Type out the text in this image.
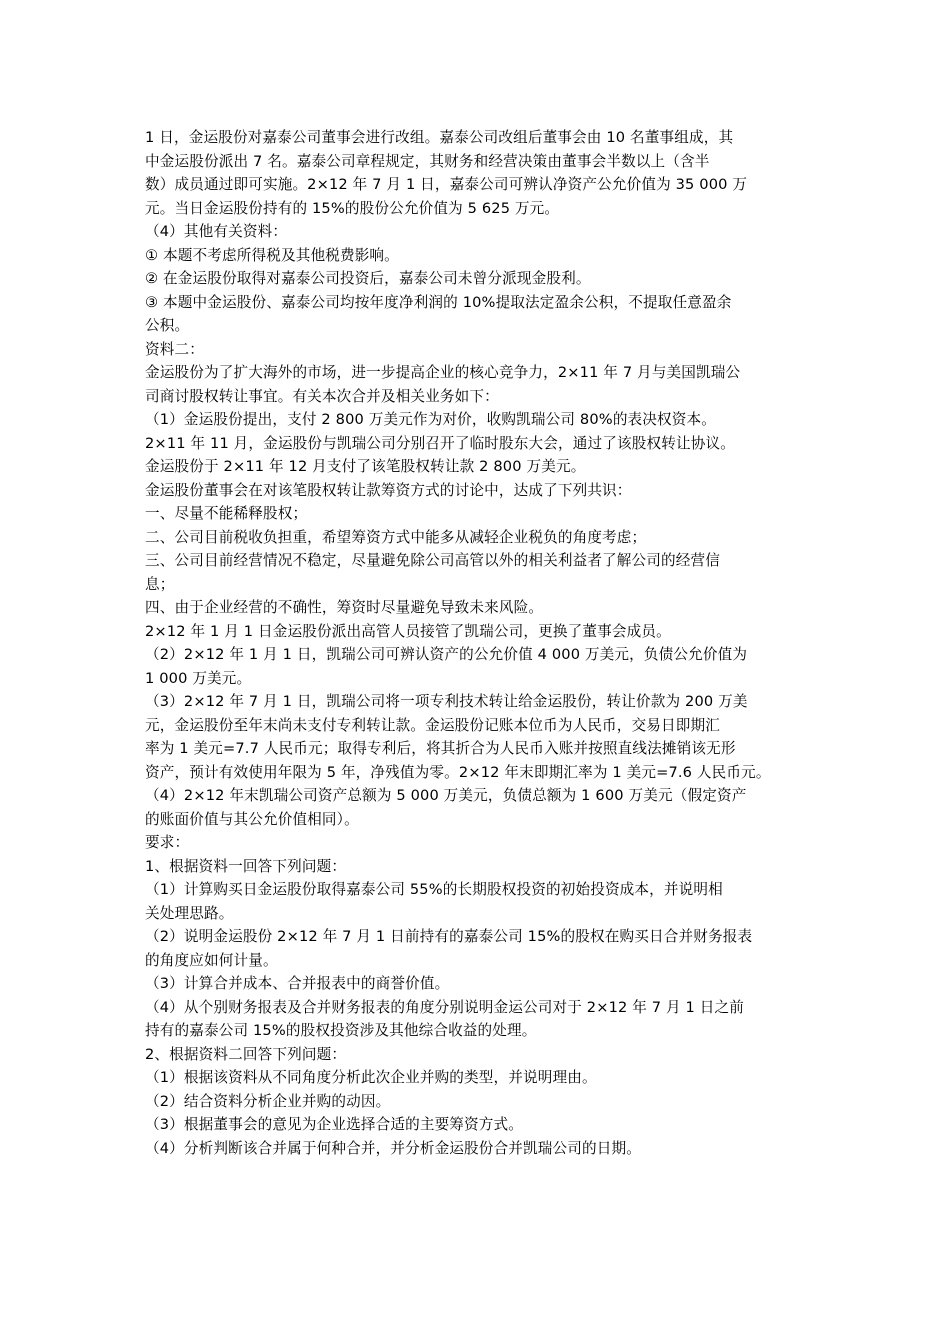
1 日，金运股份对嘉泰公司董事会进行改组。嘉泰公司改组后董事会由 10 名董事组成，其
中金运股份派出 7 名。嘉泰公司章程规定，其财务和经营决策由董事会半数以上（含半
数）成员通过即可实施。2×12 年 7 月 1 日，嘉泰公司可辨认净资产公允价值为 35 000 万
元。当日金运股份持有的 15%的股份公允价值为 5 625 万元。
（4）其他有关资料：
① 本题不考虑所得税及其他税费影响。
② 在金运股份取得对嘉泰公司投资后，嘉泰公司未曾分派现金股利。
③ 本题中金运股份、嘉泰公司均按年度净利润的 10%提取法定盈余公积，不提取任意盈余
公积。
资料二：
金运股份为了扩大海外的市场，进一步提高企业的核心竞争力，2×11 年 7 月与美国凯瑞公
司商讨股权转让事宜。有关本次合并及相关业务如下：
（1）金运股份提出，支付 2 800 万美元作为对价，收购凯瑞公司 80%的表决权资本。
2×11 年 11 月，金运股份与凯瑞公司分别召开了临时股东大会，通过了该股权转让协议。
金运股份于 2×11 年 12 月支付了该笔股权转让款 2 800 万美元。
金运股份董事会在对该笔股权转让款筹资方式的讨论中，达成了下列共识：
一、尽量不能稀释股权；
二、公司目前税收负担重，希望筹资方式中能多从减轻企业税负的角度考虑；
三、公司目前经营情况不稳定，尽量避免除公司高管以外的相关利益者了解公司的经营信
息；
四、由于企业经营的不确性，筹资时尽量避免导致未来风险。
2×12 年 1 月 1 日金运股份派出高管人员接管了凯瑞公司，更换了董事会成员。
（2）2×12 年 1 月 1 日，凯瑞公司可辨认资产的公允价值 4 000 万美元，负债公允价值为
1 000 万美元。
（3）2×12 年 7 月 1 日，凯瑞公司将一项专利技术转让给金运股份，转让价款为 200 万美
元，金运股份至年末尚未支付专利转让款。金运股份记账本位币为人民币，交易日即期汇
率为 1 美元=7.7 人民币元；取得专利后，将其折合为人民币入账并按照直线法摊销该无形
资产，预计有效使用年限为 5 年，净残值为零。2×12 年末即期汇率为 1 美元=7.6 人民币元。
（4）2×12 年末凯瑞公司资产总额为 5 000 万美元，负债总额为 1 600 万美元（假定资产
的账面价值与其公允价值相同）。
要求：
1、根据资料一回答下列问题：
（1）计算购买日金运股份取得嘉泰公司 55%的长期股权投资的初始投资成本，并说明相
关处理思路。
（2）说明金运股份 2×12 年 7 月 1 日前持有的嘉泰公司 15%的股权在购买日合并财务报表
的角度应如何计量。
（3）计算合并成本、合并报表中的商誉价值。
（4）从个别财务报表及合并财务报表的角度分别说明金运公司对于 2×12 年 7 月 1 日之前
持有的嘉泰公司 15%的股权投资涉及其他综合收益的处理。
2、根据资料二回答下列问题：
（1）根据该资料从不同角度分析此次企业并购的类型，并说明理由。
（2）结合资料分析企业并购的动因。
（3）根据董事会的意见为企业选择合适的主要筹资方式。
（4）分析判断该合并属于何种合并，并分析金运股份合并凯瑞公司的日期。
